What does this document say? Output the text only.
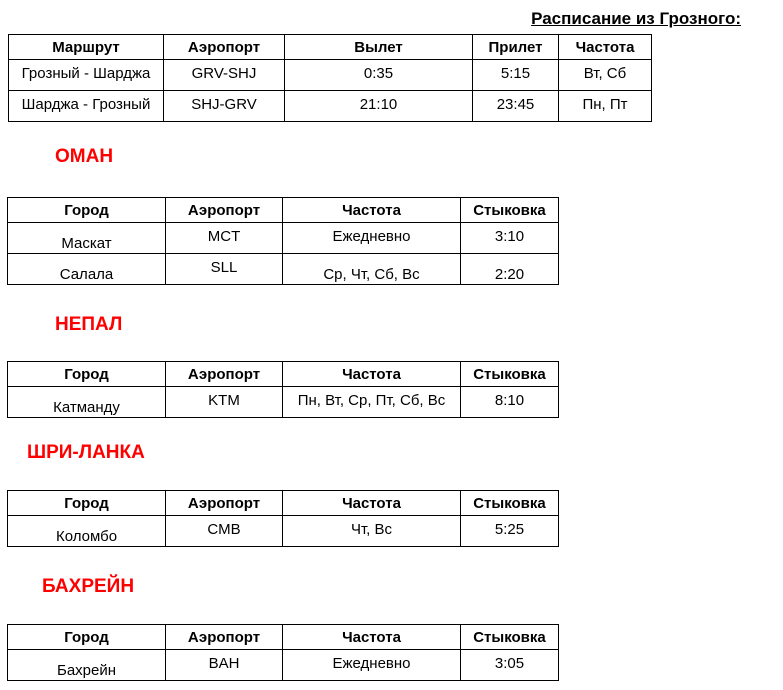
Расписание из Грозного:
Маршрут	Аэропорт	Вылет	Прилет	Частота
Грозный - Шарджа	GRV-SHJ	0:35	5:15	Вт, Сб
Шарджа - Грозный	SHJ-GRV	21:10	23:45	Пн, Пт
ОМАН
Город	Аэропорт	Частота	Стыковка
Маскат	MCT	Ежедневно	3:10
Салала	SLL	Ср, Чт, Сб, Вс	2:20
НЕПАЛ
Город	Аэропорт	Частота	Стыковка
Катманду	KTM	Пн, Вт, Ср, Пт, Сб, Вс	8:10
ШРИ-ЛАНКА
Город	Аэропорт	Частота	Стыковка
Коломбо	CMB	Чт, Вс	5:25
БАХРЕЙН
Город	Аэропорт	Частота	Стыковка
Бахрейн	BAH	Ежедневно	3:05
